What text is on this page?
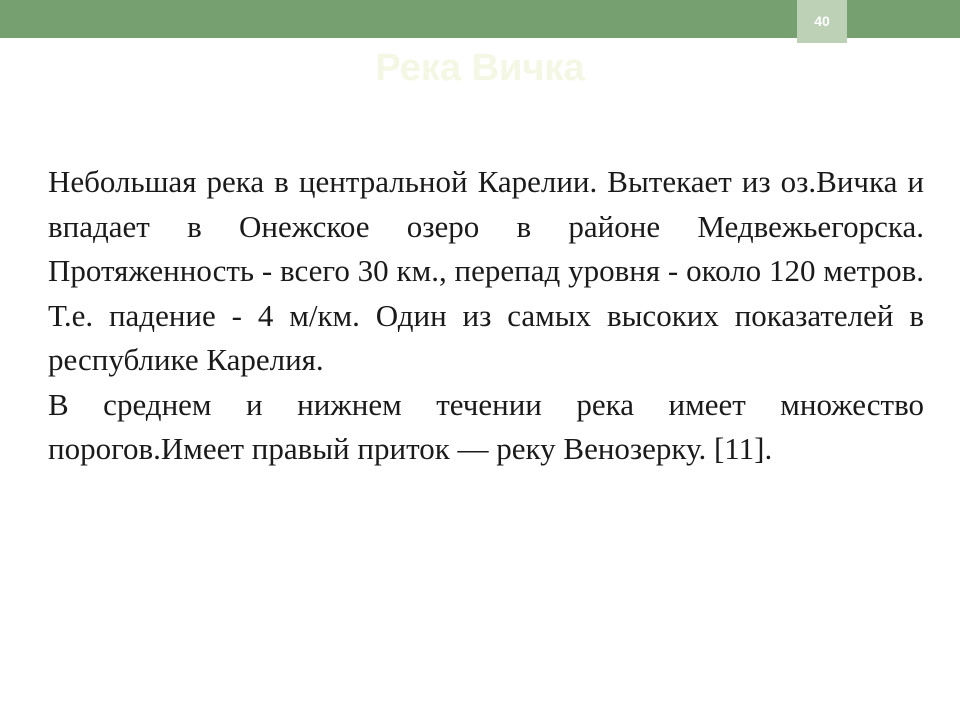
40
Река Вичка

Небольшая река в центральной Карелии. Вытекает из оз.Вичка и впадает в Онежское озеро в районе Медвежьегорска. Протяженность - всего 30 км., перепад уровня - около 120 метров. Т.е. падение - 4 м/км. Один из самых высоких показателей в республике Карелия.

В среднем и нижнем течении река имеет множество порогов.Имеет правый приток — реку Венозерку. [11].
